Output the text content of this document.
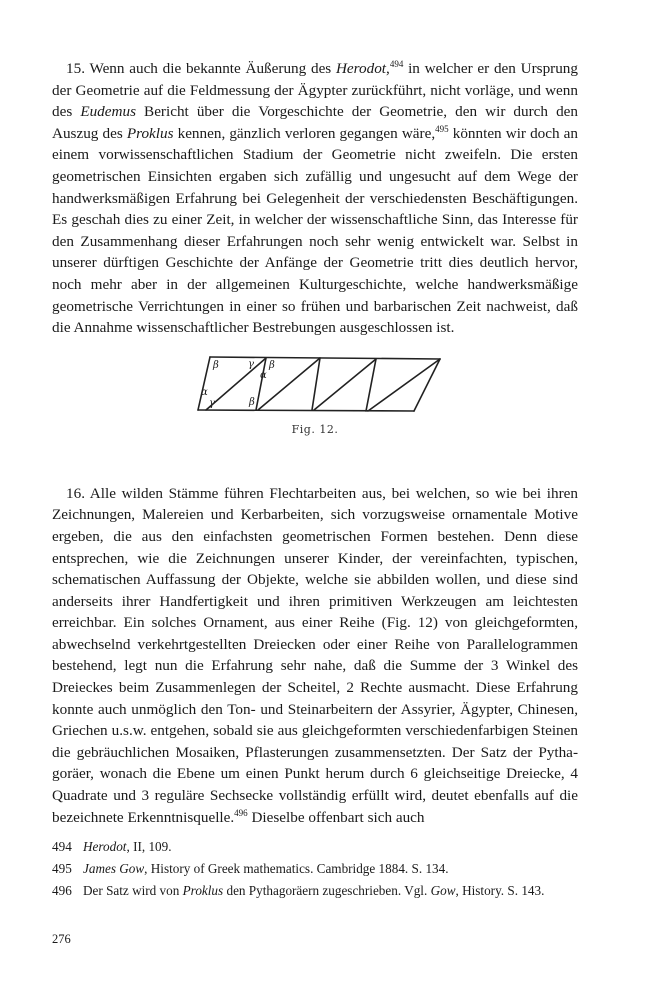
15. Wenn auch die bekannte Äußerung des Herodot,$^{494}$ in welcher er den Ursprung der Geometrie auf die Feldmessung der Ägypter zurückführt, nicht vorläge, und wenn des Eudemus Bericht über die Vorgeschichte der Geometrie, den wir durch den Auszug des Proklus kennen, gänzlich verloren gegangen wäre,$^{495}$ könnten wir doch an einem vorwissenschaftlichen Stadium der Geometrie nicht zweifeln. Die ersten geometrischen Einsichten ergaben sich zufällig und ungesucht auf dem Wege der handwerksmäßigen Erfahrung bei Gelegenheit der verschiedensten Beschäftigungen. Es geschah dies zu einer Zeit, in welcher der wissenschaftliche Sinn, das Interesse für den Zusammenhang dieser Erfahrungen noch sehr wenig entwickelt war. Selbst in unserer dürftigen Geschichte der Anfänge der Geometrie tritt dies deutlich hervor, noch mehr aber in der allgemeinen Kulturgeschichte, welche handwerksmäßige geometrische Verrichtungen in einer so frühen und barbarischen Zeit nachweist, daß die Annahme wissenschaftlicher Bestrebungen ausgeschlossen ist.

β	γ
α
β
α
γ	β
Fig. 12.

16. Alle wilden Stämme führen Flechtarbeiten aus, bei welchen, so wie bei ihren Zeichnungen, Malereien und Kerbarbeiten, sich vorzugsweise ornamentale Motive ergeben, die aus den einfachsten geometrischen Formen bestehen. Denn diese entsprechen, wie die Zeichnungen unserer Kinder, der vereinfachten, typischen, schematischen Auffassung der Objekte, welche sie abbilden wollen, und diese sind anderseits ihrer Handfertigkeit und ihren primitiven Werkzeugen am leichtesten erreichbar. Ein solches Ornament, aus einer Reihe (Fig. 12) von gleichgeformten, abwechselnd verkehrtgestellten Dreiecken oder einer Reihe von Parallelogrammen bestehend, legt nun die Erfahrung sehr nahe, daß die Summe der 3 Winkel des Dreieckes beim Zusammenlegen der Scheitel, 2 Rechte ausmacht. Diese Erfahrung konnte auch unmöglich den Ton- und Steinarbeitern der Assyrier, Ägypter, Chinesen, Griechen u.s.w. entgehen, sobald sie aus gleichgeformten verschiedenfarbigen Steinen die gebräuchlichen Mosaiken, Pflasterungen zusammensetzten. Der Satz der Pythagoräer, wonach die Ebene um einen Punkt herum durch 6 gleichseitige Dreiecke, 4 Quadrate und 3 reguläre Sechsecke vollständig erfüllt wird, deutet ebenfalls auf die bezeichnete Erkenntnisquelle.$^{496}$ Dieselbe offenbart sich auch

494 Herodot, II, 109.
495 James Gow, History of Greek mathematics. Cambridge 1884. S. 134.
496 Der Satz wird von Proklus den Pythagoräern zugeschrieben. Vgl. Gow, History. S. 143.
276
